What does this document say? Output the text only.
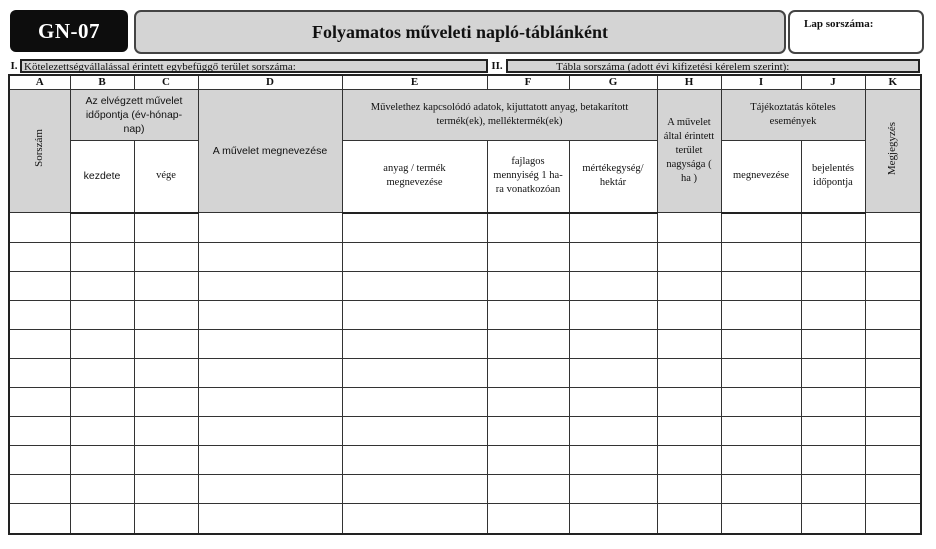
GN-07	Folyamatos műveleti napló-táblánként	Lap sorszáma:
I. Kötelezettségvállalással érintett egybefüggő terület sorszáma:	II.	Tábla sorszáma (adott évi kifizetési kérelem szerint):
A	B	C	D	E	F	G	H	I	J	K
Sorszám	Az elvégzett művelet időpontja (év-hónap-nap)		A művelet megnevezése	Művelethez kapcsolódó adatok, kijuttatott anyag, betakarított termék(ek), melléktermék(ek)			A művelet által érintett terület nagysága ( ha )	Tájékoztatás köteles események		Megjegyzés
	kezdete	vége		anyag / termék megnevezése	fajlagos mennyiség 1 ha-ra vonatkozóan	mértékegység/ hektár		megnevezése	bejelentés időpontja	
